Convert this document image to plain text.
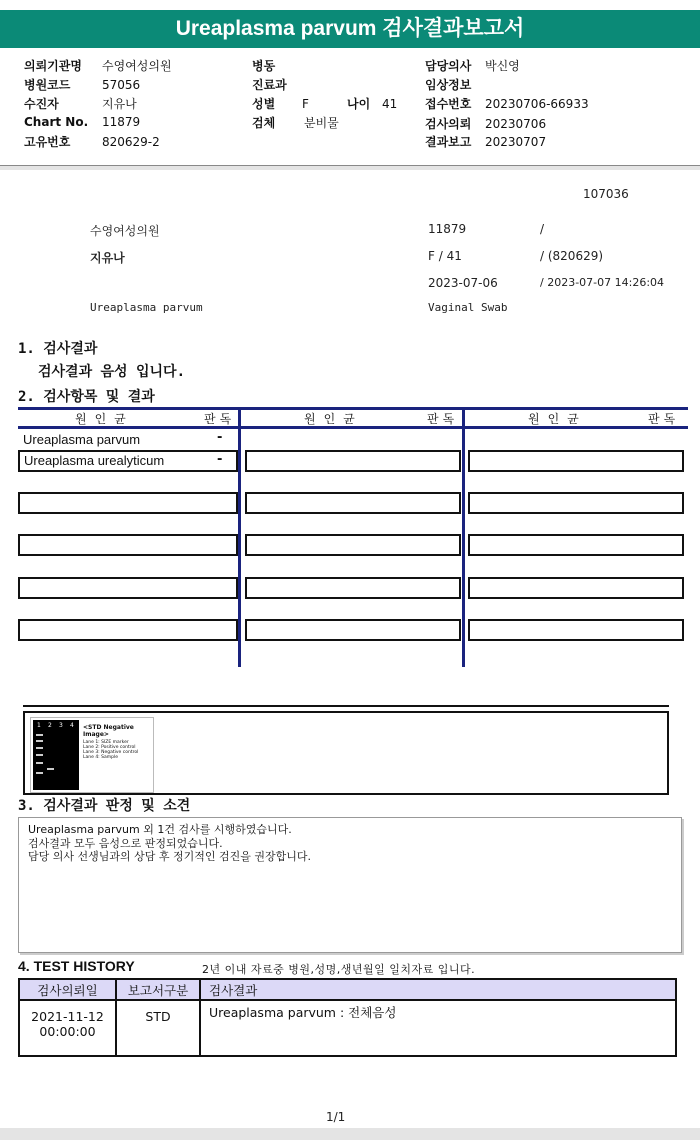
Ureaplasma parvum 검사결과보고서
의뢰기관명 수영여성의원
병원코드	57056
수진자	지유나
Chart No. 11879
고유번호	820629-2
병동
진료과
성별 F	나이 41
검체 분비물
담당의사 박신영
임상정보
접수번호 20230706-66933
검사의뢰 20230706
결과보고 20230707
107036
수영여성의원	11879	/
지유나	F / 41	/ (820629)
2023-07-06	/ 2023-07-07 14:26:04
Ureaplasma parvum	Vaginal Swab
1. 검사결과
검사결과 음성 입니다.
2. 검사항목 및 결과
원인균	판독	원인균	판독	원인균	판독
Ureaplasma parvum	-
Ureaplasma urealyticum	-
1 2 3 4 <STD Negative Image>
Lane 1: SIZE marker
Lane 2: Positive control
Lane 3: Negative control
Lane 4: Sample
3. 검사결과 판정 및 소견
Ureaplasma parvum 외 1건 검사를 시행하였습니다.
검사결과 모두 음성으로 판정되었습니다.
담당 의사 선생님과의 상담 후 정기적인 검진을 권장합니다.
4. TEST HISTORY	2년 이내 자료중 병원,성명,생년월일 일치자료 입니다.
검사의뢰일	보고서구분	검사결과

2021-11-12
00:00:00	STD	Ureaplasma parvum : 전체음성
1/1
